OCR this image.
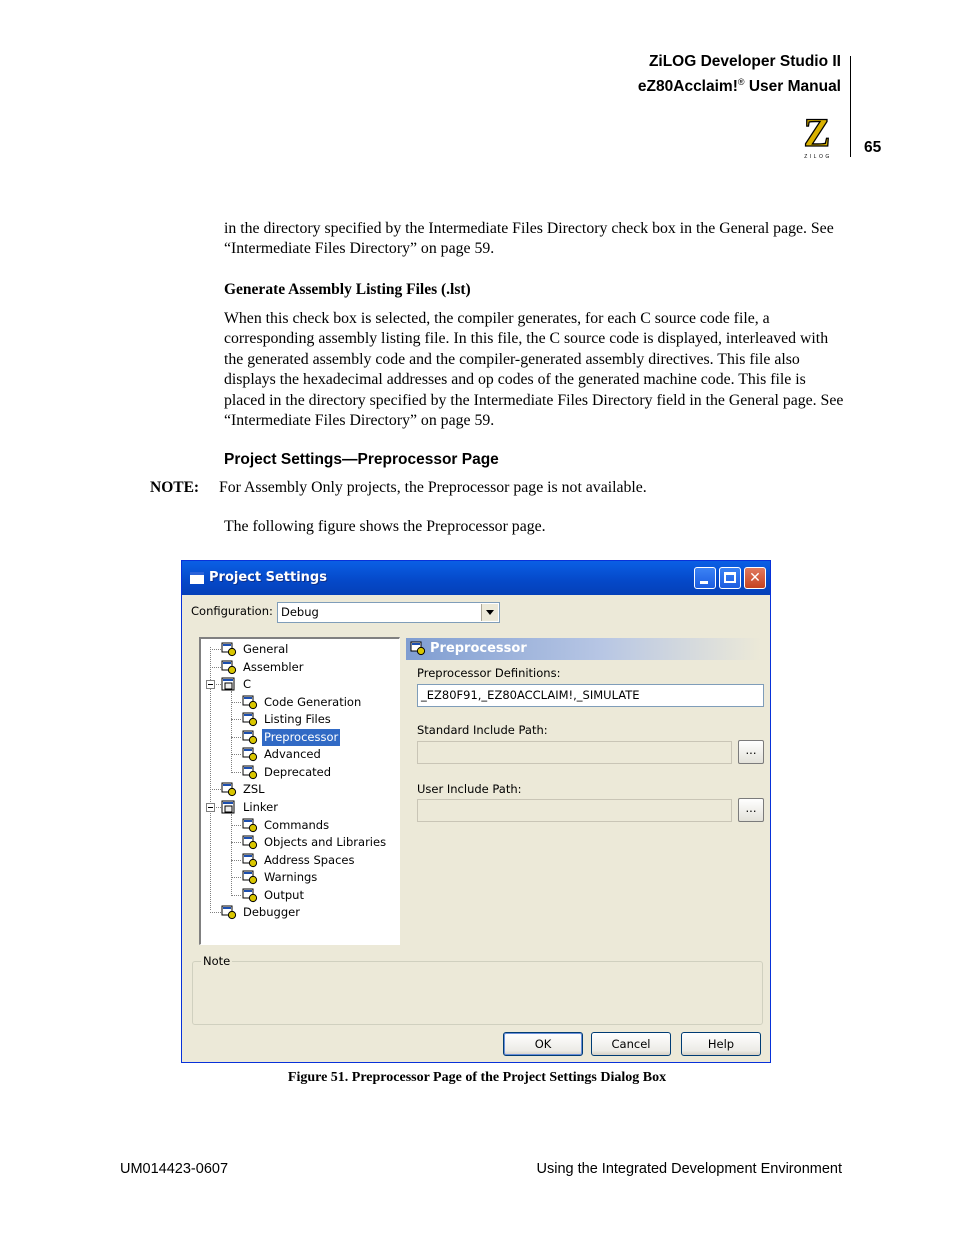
ZiLOG Developer Studio II
eZ80Acclaim!® User Manual
Z
ZILOG
65
in the directory specified by the Intermediate Files Directory check box in the General page. See “Intermediate Files Directory” on page 59.
Generate Assembly Listing Files (.lst)
When this check box is selected, the compiler generates, for each C source code file, a corresponding assembly listing file. In this file, the C source code is displayed, interleaved with the generated assembly code and the compiler-generated assembly directives. This file also displays the hexadecimal addresses and op codes of the generated machine code. This file is placed in the directory specified by the Intermediate Files Directory field in the General page. See “Intermediate Files Directory” on page 59.
Project Settings—Preprocessor Page
NOTE: For Assembly Only projects, the Preprocessor page is not available.
The following figure shows the Preprocessor page.
Project Settings	✕
Configuration: Debug
General
Assembler
C
Code Generation
Listing Files
Preprocessor
Advanced
Deprecated
ZSL
Linker
Commands
Objects and Libraries
Address Spaces
Warnings
Output
Debugger
Preprocessor
Preprocessor Definitions:
_EZ80F91,_EZ80ACCLAIM!,_SIMULATE
Standard Include Path:
...
User Include Path:
...
Note
OK	Cancel	Help
Figure 51. Preprocessor Page of the Project Settings Dialog Box
UM014423-0607	Using the Integrated Development Environment
